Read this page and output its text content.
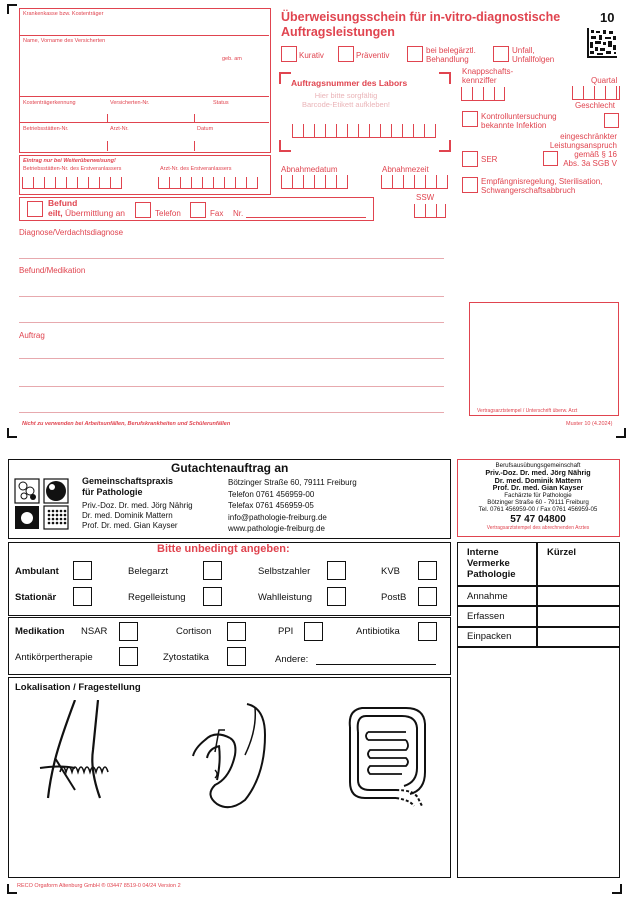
10
Überweisungsschein für in-vitro-diagnostische
Auftragsleistungen
Krankenkasse bzw. Kostenträger
Name, Vorname des Versicherten
geb. am
Kostenträgerkennung	Versicherten-Nr.	Status
Betriebsstätten-Nr.	Arzt-Nr.	Datum
Eintrag nur bei Weiterüberweisung!
Betriebsstätten-Nr. des Erstveranlassers	Arzt-Nr. des Erstveranlassers
Befund
eilt, Übermittlung an	Telefon	Fax Nr.
Kurativ	Präventiv
bei belegärztl.
Behandlung
Unfall,
Unfallfolgen
Auftragsnummer des Labors
Hier bitte sorgfältig
Barcode-Etikett aufkleben!
Abnahmedatum	Abnahmezeit
SSW
Knappschafts-
kennziffer	Quartal
Geschlecht
Kontrolluntersuchung
bekannte Infektion
eingeschränkter
Leistungsanspruch
gemäß § 16
Abs. 3a SGB V
SER
Empfängnisregelung, Sterilisation,
Schwangerschaftsabbruch
Diagnose/Verdachtsdiagnose
Befund/Medikation
Auftrag
Vertragsarztstempel / Unterschrift überw. Arzt
Nicht zu verwenden bei Arbeitsunfällen, Berufskrankheiten und Schülerunfällen	Muster 10 (4.2024)
Gutachtenauftrag an
Gemeinschaftspraxis
für Pathologie
Priv.-Doz. Dr. med. Jörg Nährig
Dr. med. Dominik Mattern
Prof. Dr. med. Gian Kayser
Bötzinger Straße 60, 79111 Freiburg
Telefon 0761 456959-00
Telefax 0761 456959-05
info@pathologie-freiburg.de
www.pathologie-freiburg.de
Berufsausübungsgemeinschaft
Priv.-Doz. Dr. med. Jörg Nährig
Dr. med. Dominik Mattern
Prof. Dr. med. Gian Kayser
Fachärzte für Pathologie
Bötzinger Straße 60 - 79111 Freiburg
Tel. 0761 456959-00 / Fax 0761 456959-05
57 47 04800
Vertragsarztstempel des abrechnenden Arztes
Bitte unbedingt angeben:
Ambulant	Belegarzt	Selbstzahler	KVB
Stationär	Regelleistung	Wahlleistung	PostB
Medikation NSAR	Cortison	PPI	Antibiotika
Antikörpertherapie	Zytostatika	Andere:
Lokalisation / Fragestellung
Interne
Vermerke
Pathologie
Kürzel
Annahme
Erfassen
Einpacken
RECO Orgaform Altenburg GmbH ® 03447 8519-0 04/24 Version 2
